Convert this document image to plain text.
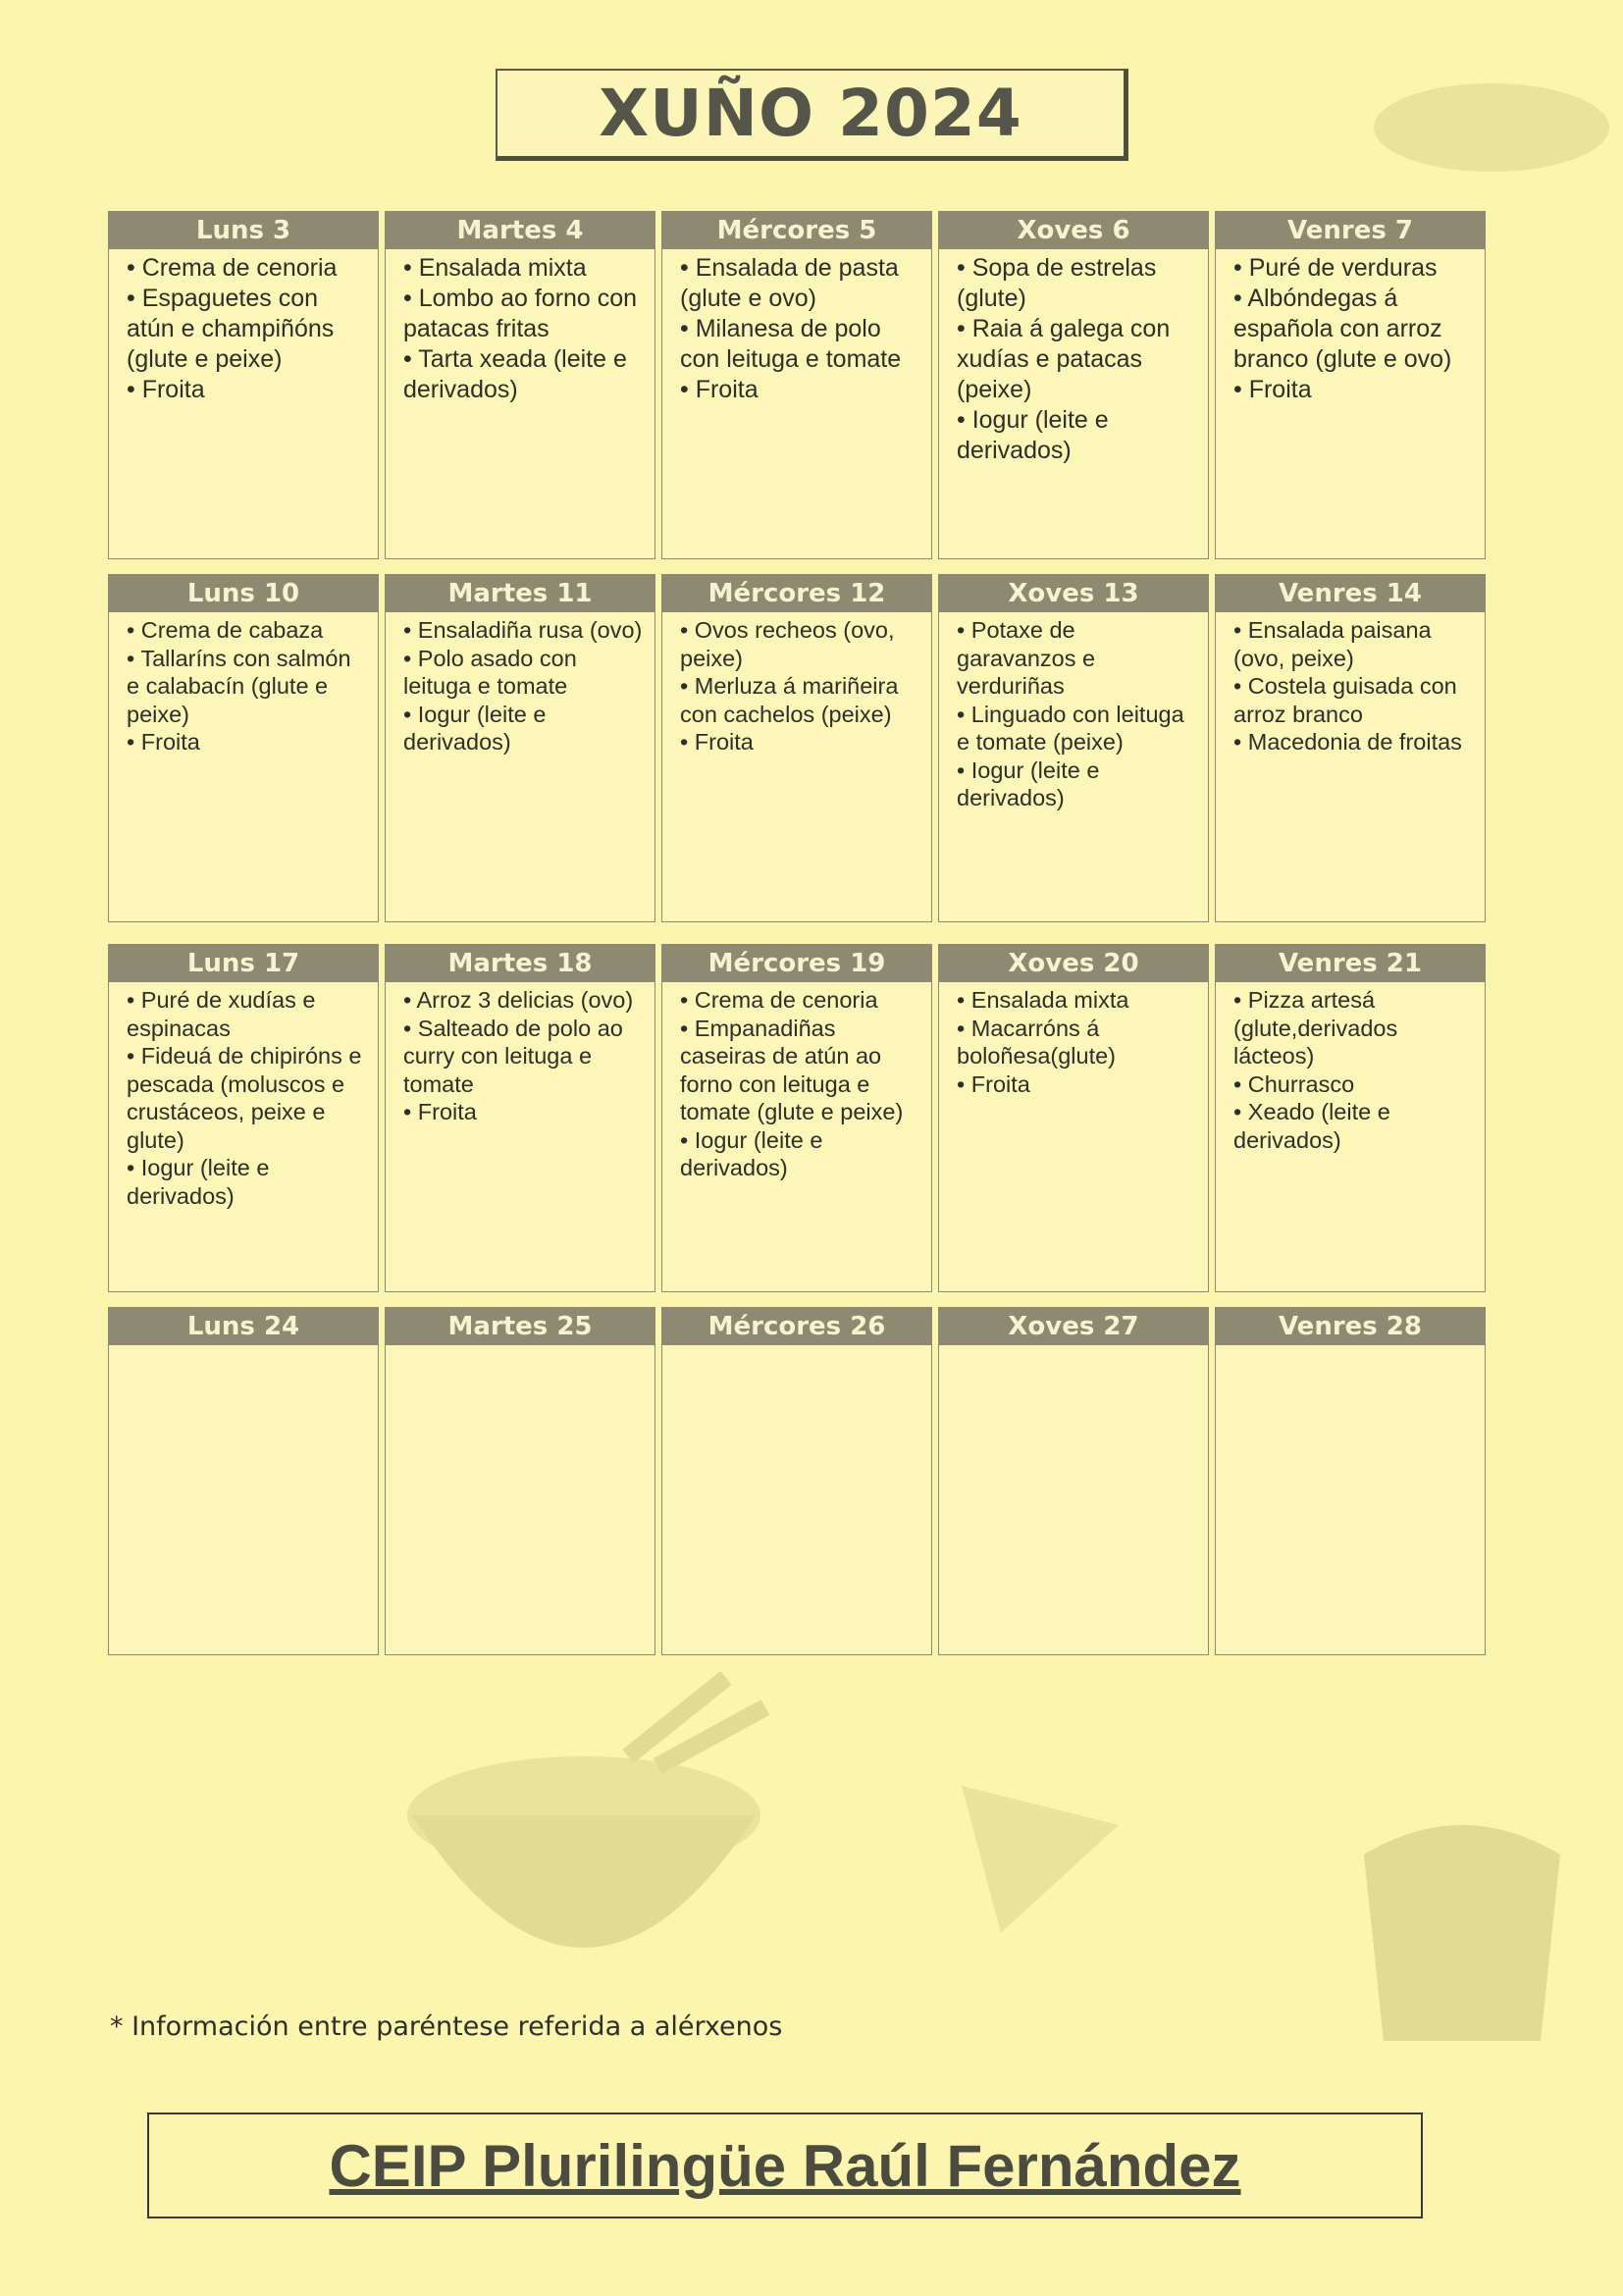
XUÑO 2024
Luns 3
• Crema de cenoria
• Espaguetes con atún e champiñóns (glute e peixe)
• Froita
Martes 4
• Ensalada mixta
• Lombo ao forno con patacas fritas
• Tarta xeada (leite e derivados)
Mércores 5
• Ensalada de pasta (glute e ovo)
• Milanesa de polo con leituga e tomate
• Froita
Xoves 6
• Sopa de estrelas (glute)
• Raia á galega con xudías e patacas (peixe)
• Iogur (leite e derivados)
Venres 7
• Puré de verduras
• Albóndegas á española con arroz branco (glute e ovo)
• Froita
Luns 10
• Crema de cabaza
• Tallaríns con salmón e calabacín (glute e peixe)
• Froita
Martes 11
• Ensaladiña rusa (ovo)
• Polo asado con leituga e tomate
• Iogur (leite e derivados)
Mércores 12
• Ovos recheos (ovo, peixe)
• Merluza á mariñeira con cachelos (peixe)
• Froita
Xoves 13
• Potaxe de garavanzos e verduriñas
• Linguado con leituga e tomate (peixe)
• Iogur (leite e derivados)
Venres 14
• Ensalada paisana (ovo, peixe)
• Costela guisada con arroz branco
• Macedonia de froitas
Luns 17
• Puré de xudías e espinacas
• Fideuá de chipiróns e pescada (moluscos e crustáceos, peixe e glute)
• Iogur (leite e derivados)
Martes 18
• Arroz 3 delicias (ovo)
• Salteado de polo ao curry con leituga e tomate
• Froita
Mércores 19
• Crema de cenoria
• Empanadiñas caseiras de atún ao forno con leituga e tomate (glute e peixe)
• Iogur (leite e derivados)
Xoves 20
• Ensalada mixta
• Macarróns á boloñesa(glute)
• Froita
Venres 21
• Pizza artesá (glute,derivados lácteos)
• Churrasco
• Xeado (leite e derivados)
Luns 24	Martes 25	Mércores 26	Xoves 27	Venres 28
* Información entre paréntese referida a alérxenos
CEIP Plurilingüe Raúl Fernández
